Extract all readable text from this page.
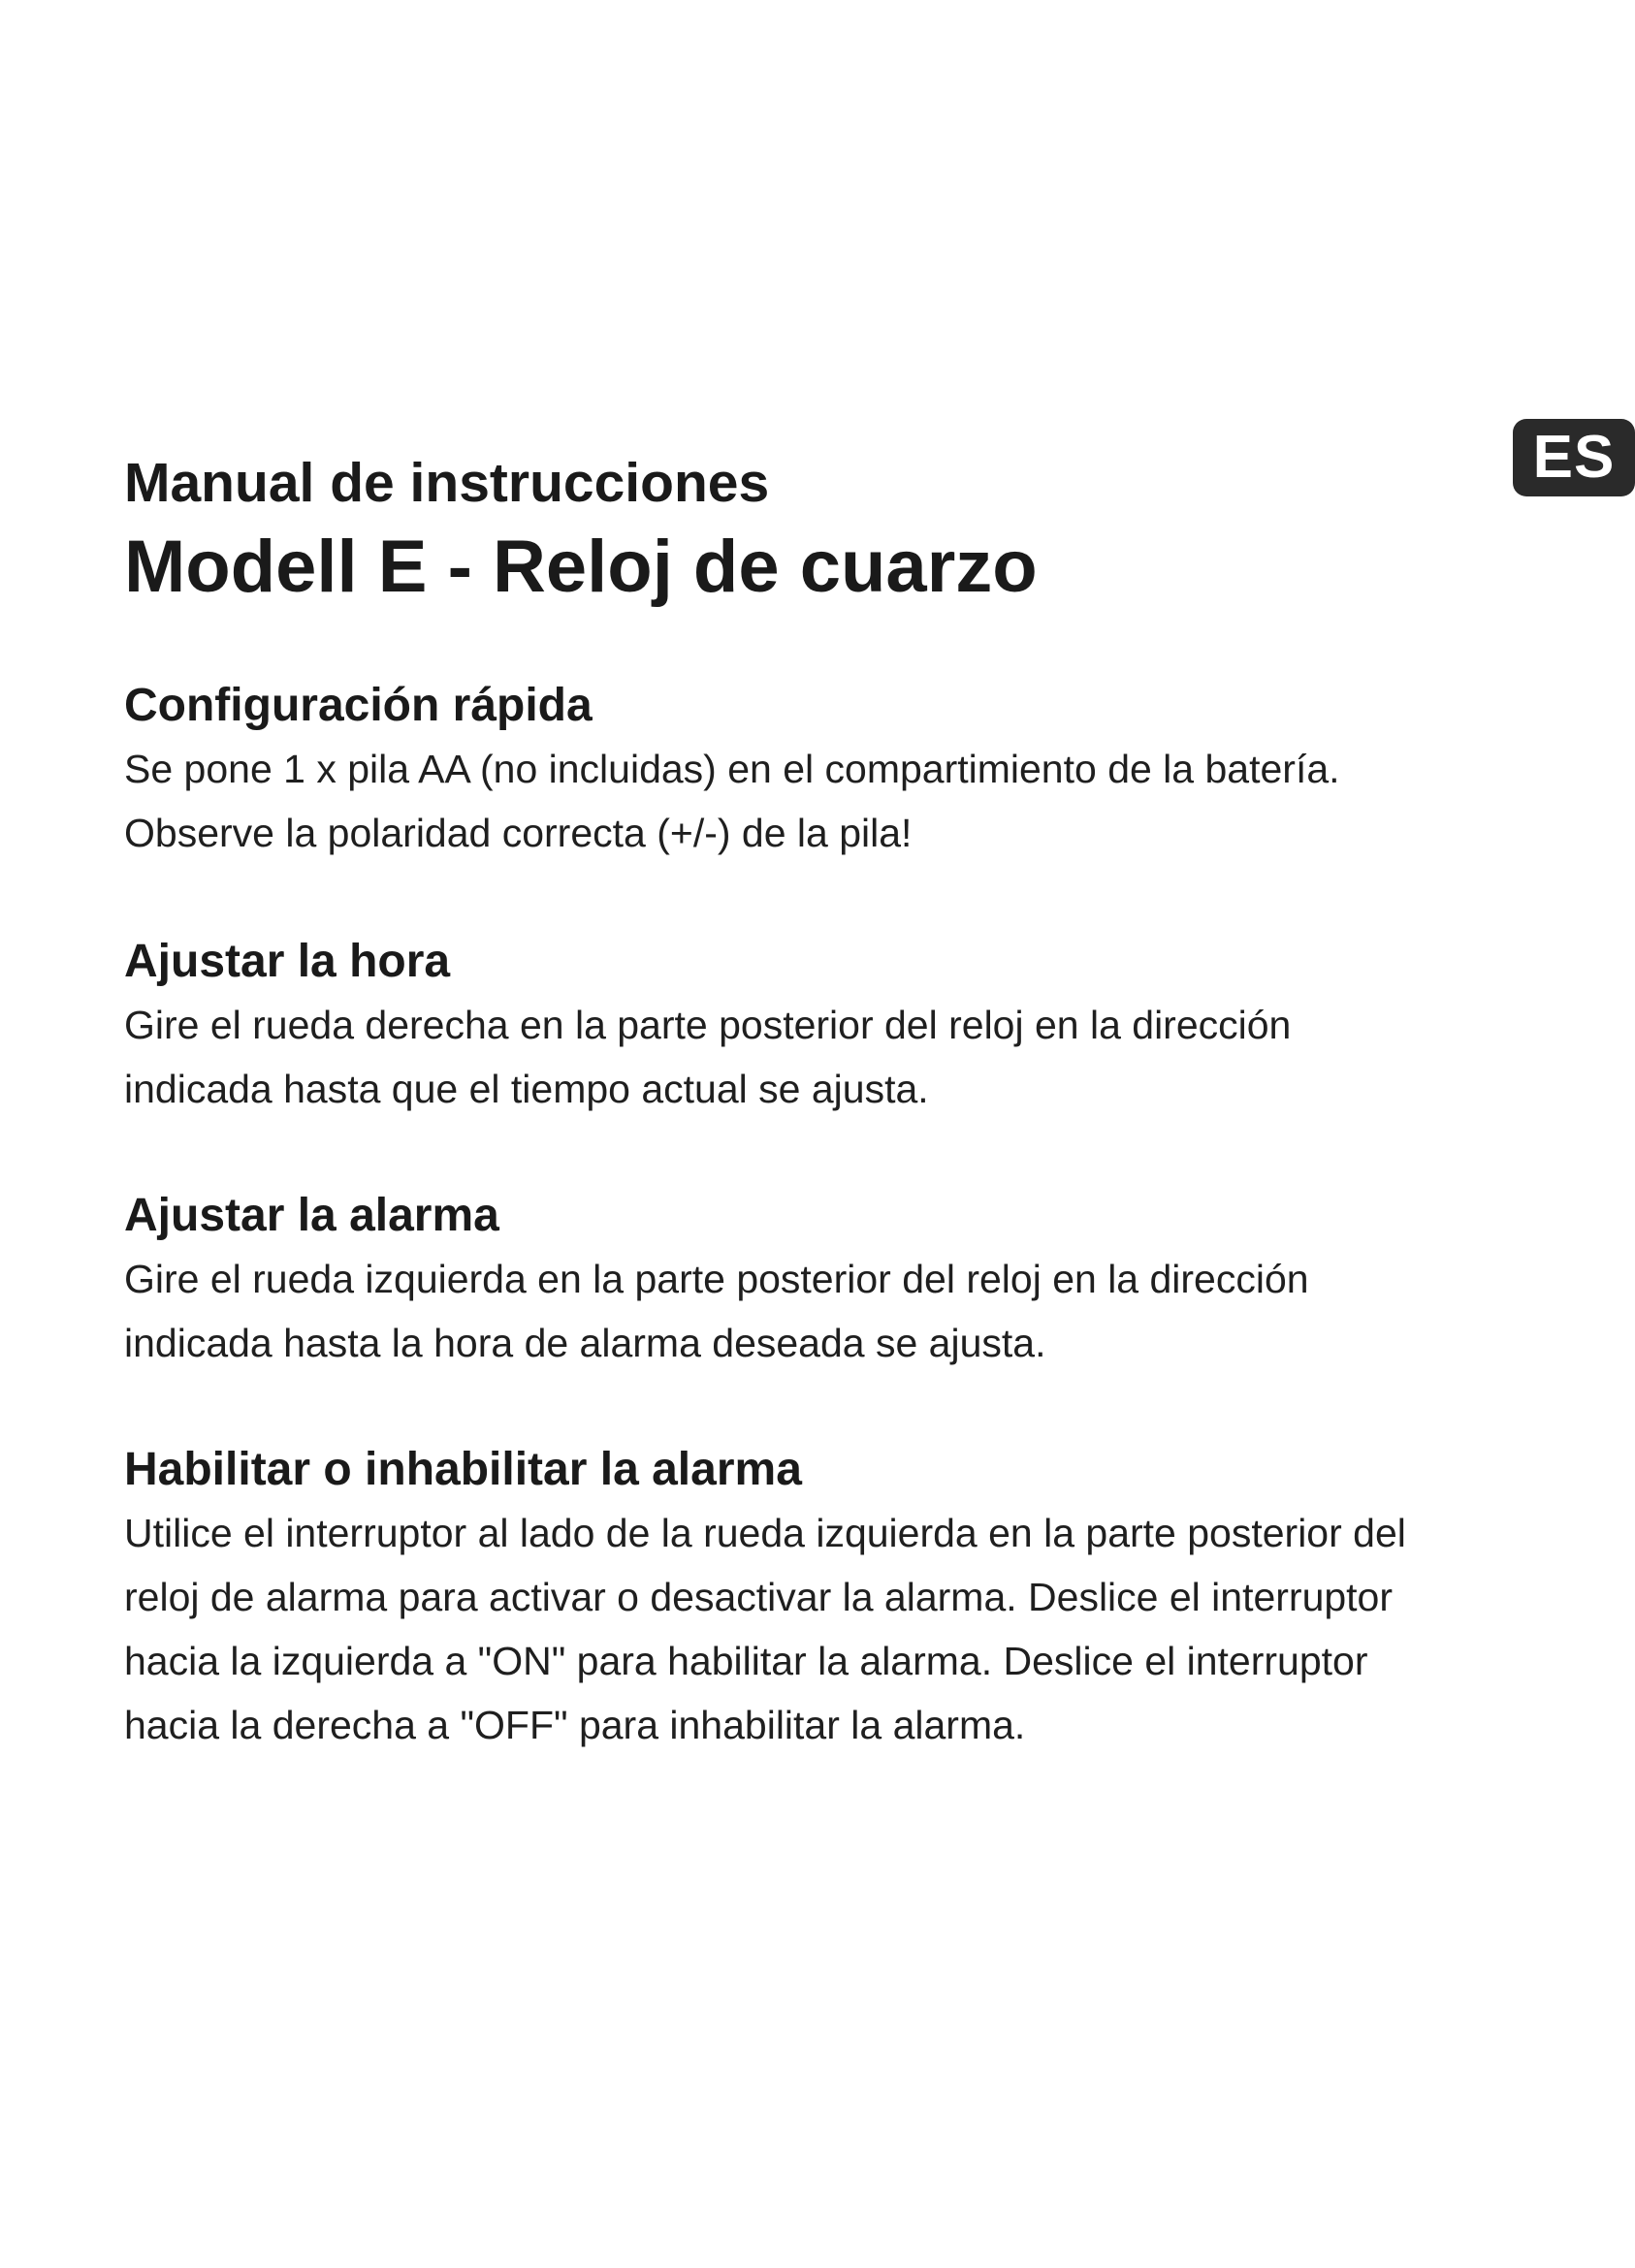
ES
Manual de instrucciones
Modell E - Reloj de cuarzo
Configuración rápida

Se pone 1 x pila AA (no incluidas) en el compartimiento de la batería.
Observe la polaridad correcta (+/-) de la pila!

Ajustar la hora

Gire el rueda derecha en la parte posterior del reloj en la dirección
indicada hasta que el tiempo actual se ajusta.

Ajustar la alarma

Gire el rueda izquierda en la parte posterior del reloj en la dirección
indicada hasta la hora de alarma deseada se ajusta.

Habilitar o inhabilitar la alarma

Utilice el interruptor al lado de la rueda izquierda en la parte posterior del
reloj de alarma para activar o desactivar la alarma. Deslice el interruptor
hacia la izquierda a "ON" para habilitar la alarma. Deslice el interruptor
hacia la derecha a "OFF" para inhabilitar la alarma.
